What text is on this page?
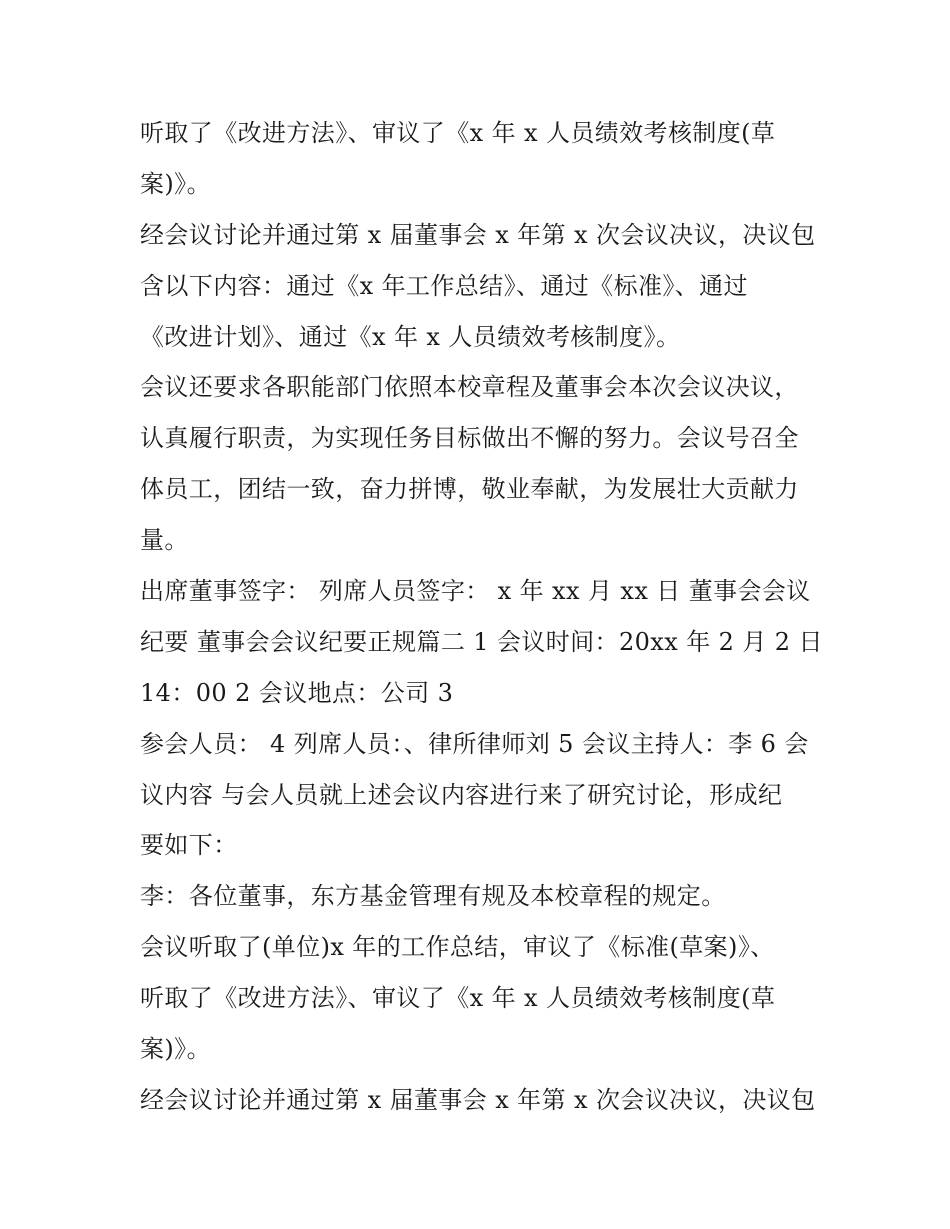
听取了《改进方法》、审议了《x 年 x 人员绩效考核制度(草
案)》。
经会议讨论并通过第 x 届董事会 x 年第 x 次会议决议，决议包
含以下内容：通过《x 年工作总结》、通过《标准》、通过
《改进计划》、通过《x 年 x 人员绩效考核制度》。
会议还要求各职能部门依照本校章程及董事会本次会议决议，
认真履行职责，为实现任务目标做出不懈的努力。会议号召全
体员工，团结一致，奋力拼博，敬业奉献，为发展壮大贡献力
量。
出席董事签字： 列席人员签字： x 年 xx 月 xx 日 董事会会议
纪要 董事会会议纪要正规篇二 1 会议时间：20xx 年 2 月 2 日
14：00 2 会议地点：公司 3
参会人员： 4 列席人员：、律所律师刘 5 会议主持人：李 6 会
议内容 与会人员就上述会议内容进行来了研究讨论，形成纪
要如下：
李：各位董事，东方基金管理有规及本校章程的规定。
会议听取了(单位)x 年的工作总结，审议了《标准(草案)》、
听取了《改进方法》、审议了《x 年 x 人员绩效考核制度(草
案)》。
经会议讨论并通过第 x 届董事会 x 年第 x 次会议决议，决议包
